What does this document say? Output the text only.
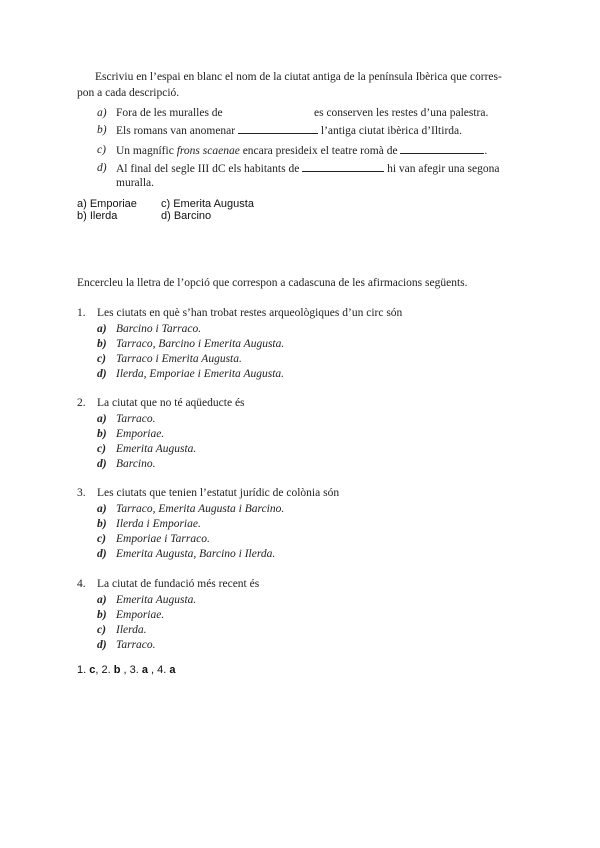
Escriviu en l’espai en blanc el nom de la ciutat antiga de la península Ibèrica que corres-
pon a cada descripció.
a) Fora de les muralles de	es conserven les restes d’una palestra.
b) Els romans van anomenar	l’antiga ciutat ibèrica d’Iltirda.
c) Un magnífic frons scaenae encara presideix el teatre romà de	.
d) Al final del segle III dC els habitants de	hi van afegir una segona
muralla.
a) Emporiae c) Emerita Augusta
b) Ilerda	d) Barcino
Encercleu la lletra de l’opció que correspon a cadascuna de les afirmacions següents.
1. Les ciutats en què s’han trobat restes arqueològiques d’un circ són
a) Barcino i Tarraco.
b) Tarraco, Barcino i Emerita Augusta.
c) Tarraco i Emerita Augusta.
d) Ilerda, Emporiae i Emerita Augusta.
2. La ciutat que no té aqüeducte és
a) Tarraco.
b) Emporiae.
c) Emerita Augusta.
d) Barcino.
3. Les ciutats que tenien l’estatut jurídic de colònia són
a) Tarraco, Emerita Augusta i Barcino.
b) Ilerda i Emporiae.
c) Emporiae i Tarraco.
d) Emerita Augusta, Barcino i Ilerda.
4. La ciutat de fundació més recent és
a) Emerita Augusta.
b) Emporiae.
c) Ilerda.
d) Tarraco.
1. c, 2. b , 3. a , 4. a
